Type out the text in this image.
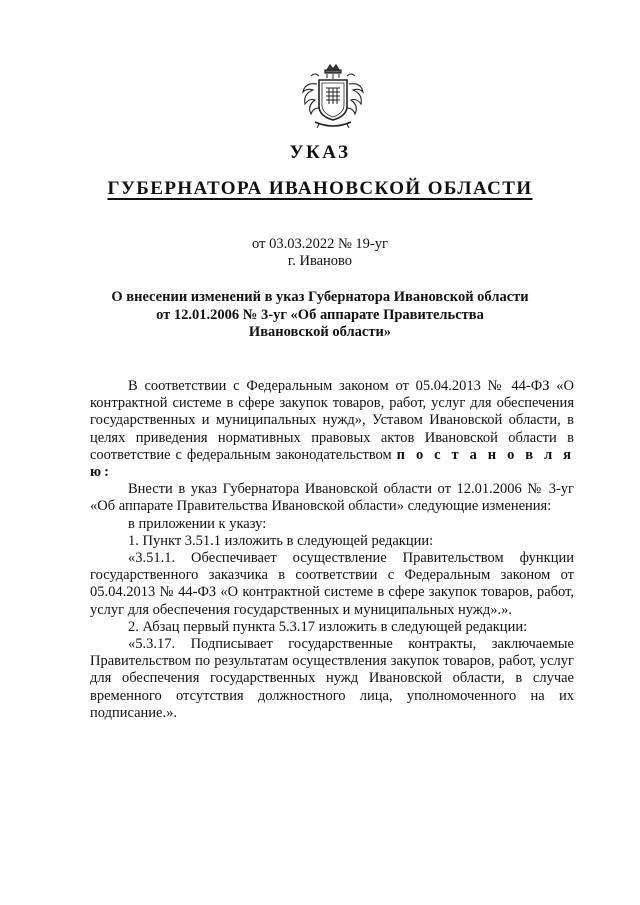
УКАЗ
ГУБЕРНАТОРА ИВАНОВСКОЙ ОБЛАСТИ
от 03.03.2022 № 19-уг
г. Иваново
О внесении изменений в указ Губернатора Ивановской области
от 12.01.2006 № 3-уг «Об аппарате Правительства
Ивановской области»

В соответствии с Федеральным законом от 05.04.2013 № 44-ФЗ «О контрактной системе в сфере закупок товаров, работ, услуг для обеспечения государственных и муниципальных нужд», Уставом Ивановской области, в целях приведения нормативных правовых актов Ивановской области в соответствие с федеральным законодательством п о с т а н о в л я ю:

Внести в указ Губернатора Ивановской области от 12.01.2006 № 3-уг «Об аппарате Правительства Ивановской области» следующие изменения:

в приложении к указу:

1. Пункт 3.51.1 изложить в следующей редакции:

«3.51.1. Обеспечивает осуществление Правительством функции государственного заказчика в соответствии с Федеральным законом от 05.04.2013 № 44-ФЗ «О контрактной системе в сфере закупок товаров, работ, услуг для обеспечения государственных и муниципальных нужд».».

2. Абзац первый пункта 5.3.17 изложить в следующей редакции:

«5.3.17. Подписывает государственные контракты, заключаемые Правительством по результатам осуществления закупок товаров, работ, услуг для обеспечения государственных нужд Ивановской области, в случае временного отсутствия должностного лица, уполномоченного на их подписание.».
